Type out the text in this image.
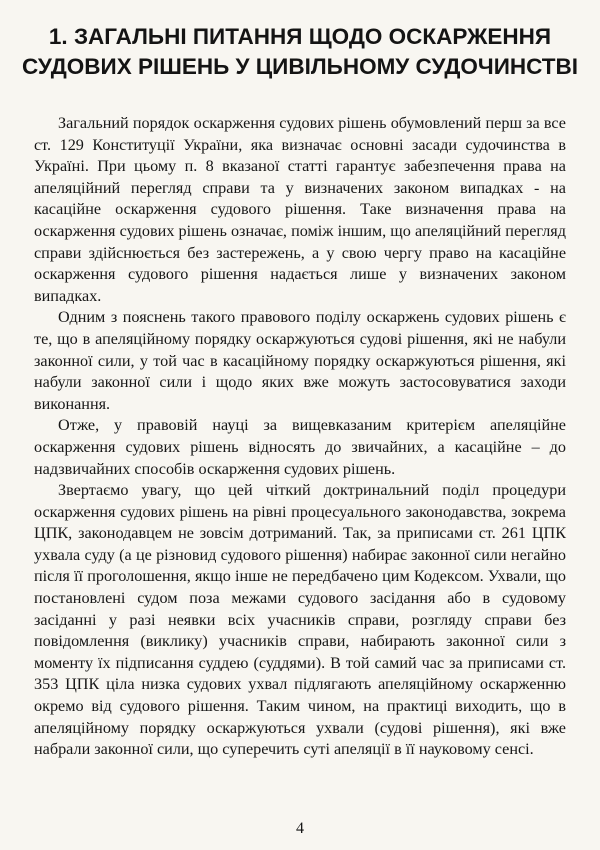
1. ЗАГАЛЬНІ ПИТАННЯ ЩОДО ОСКАРЖЕННЯ
СУДОВИХ РІШЕНЬ У ЦИВІЛЬНОМУ СУДОЧИНСТВІ

Загальний порядок оскарження судових рішень обумовлений перш за все ст. 129 Конституції України, яка визначає основні засади судочинства в Україні. При цьому п. 8 вказаної статті гарантує забезпечення права на апеляційний перегляд справи та у визначених законом випадках - на касаційне оскарження судового рішення. Таке визначення права на оскарження судових рішень означає, поміж іншим, що апеляційний перегляд справи здійснюється без застережень, а у свою чергу право на касаційне оскарження судового рішення надається лише у визначених законом випадках.

Одним з пояснень такого правового поділу оскаржень судових рішень є те, що в апеляційному порядку оскаржуються судові рішення, які не набули законної сили, у той час в касаційному порядку оскаржуються рішення, які набули законної сили і щодо яких вже можуть застосовуватися заходи виконання.

Отже, у правовій науці за вищевказаним критерієм апеляційне оскарження судових рішень відносять до звичайних, а касаційне – до надзвичайних способів оскарження судових рішень.

Звертаємо увагу, що цей чіткий доктринальний поділ процедури оскарження судових рішень на рівні процесуального законодавства, зокрема ЦПК, законодавцем не зовсім дотриманий. Так, за приписами ст. 261 ЦПК ухвала суду (а це різновид судового рішення) набирає законної сили негайно після її проголошення, якщо інше не передбачено цим Кодексом. Ухвали, що постановлені судом поза межами судового засідання або в судовому засіданні у разі неявки всіх учасників справи, розгляду справи без повідомлення (виклику) учасників справи, набирають законної сили з моменту їх підписання суддею (суддями). В той самий час за приписами ст. 353 ЦПК ціла низка судових ухвал підлягають апеляційному оскарженню окремо від судового рішення. Таким чином, на практиці виходить, що в апеляційному порядку оскаржуються ухвали (судові рішення), які вже набрали законної сили, що суперечить суті апеляції в її науковому сенсі.

4
